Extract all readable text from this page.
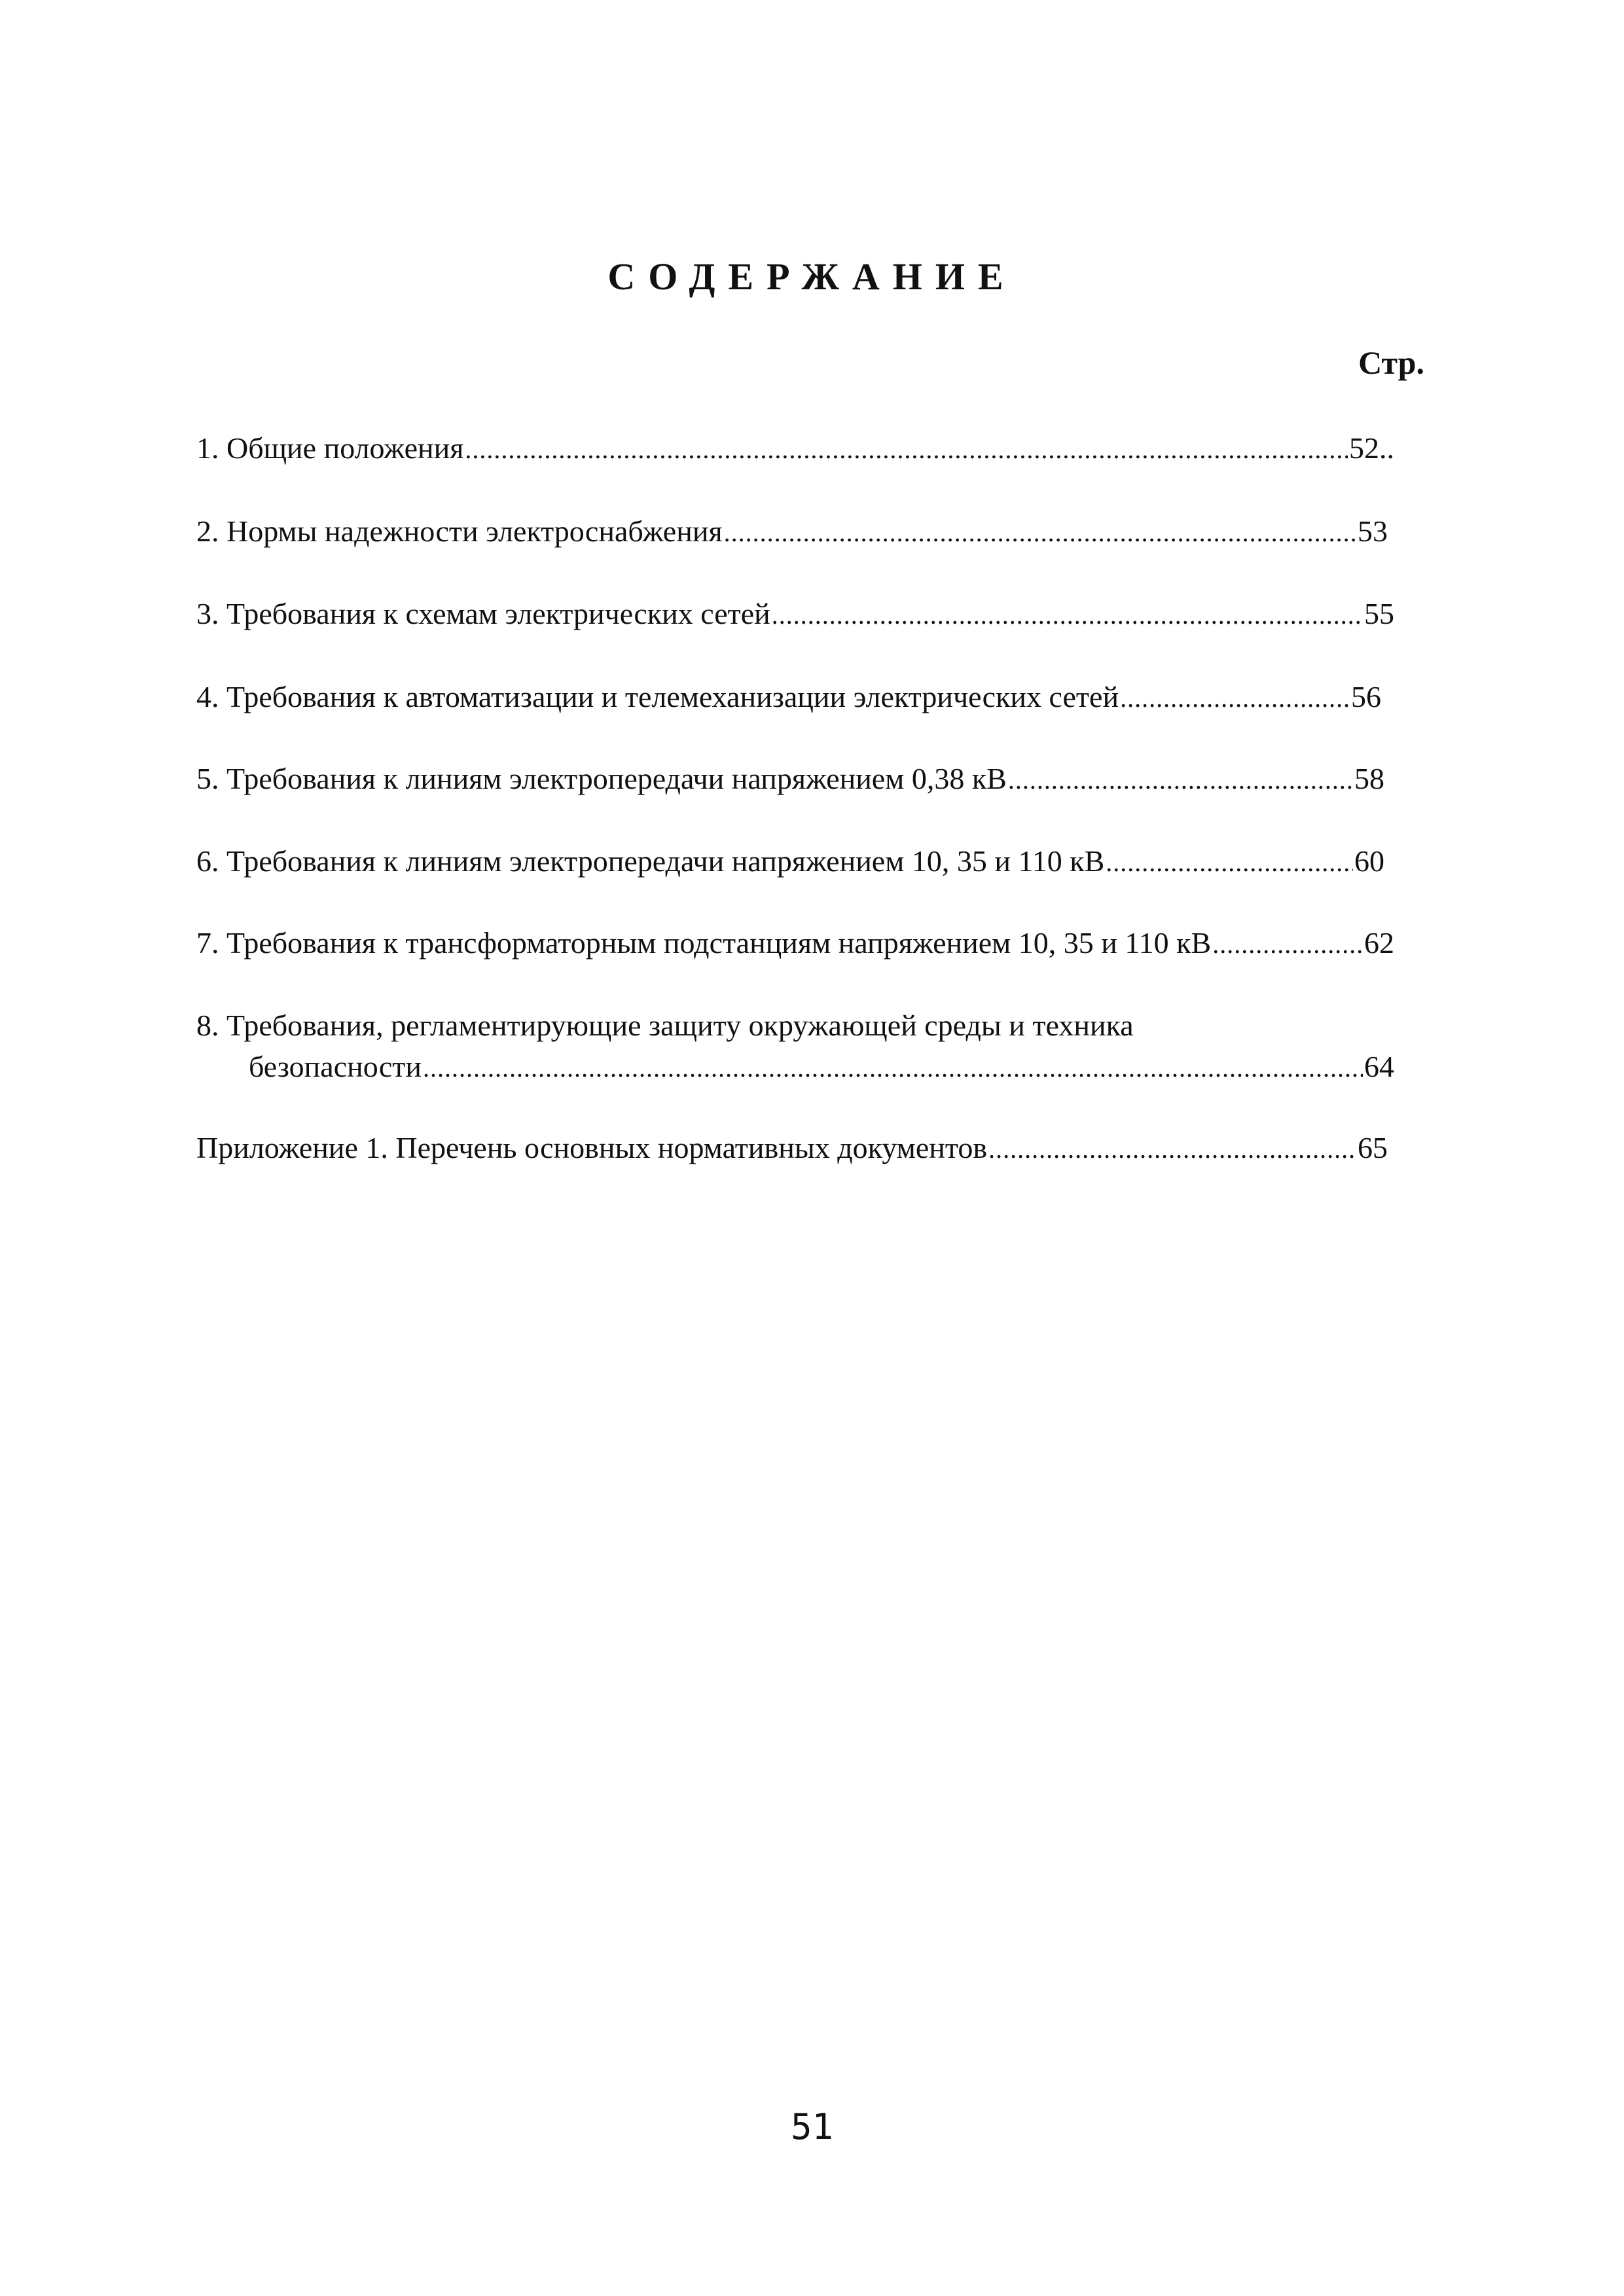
СОДЕРЖАНИЕ
Стр.
1. Общие положения .....	52..
2. Нормы надежности электроснабжения .....	53
3. Требования к схемам электрических сетей .....	55
4. Требования к автоматизации и телемеханизации электрических сетей .....	56
5. Требования к линиям электропередачи напряжением 0,38 кВ .....	58
6. Требования к линиям электропередачи напряжением 10, 35 и 110 кВ .....	60
7. Требования к трансформаторным подстанциям напряжением 10, 35 и 110 кВ .....	62
8. Требования, регламентирующие защиту окружающей среды и техника
безопасности .....	64
Приложение 1. Перечень основных нормативных документов .....	65
51
